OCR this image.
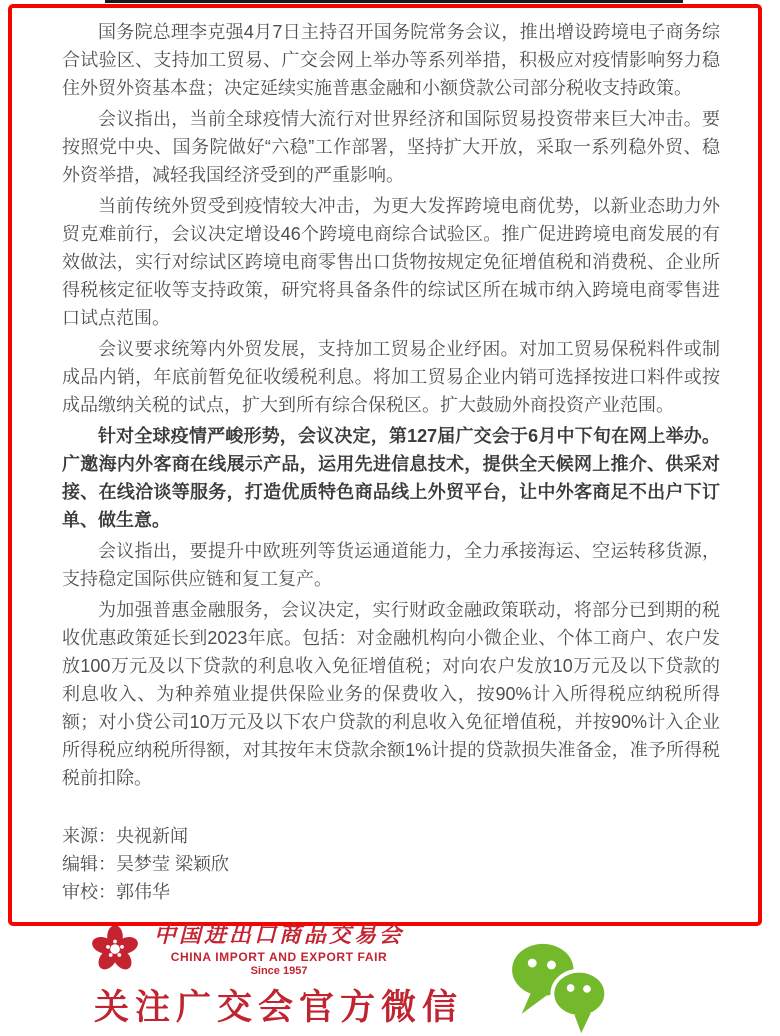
国务院总理李克强4月7日主持召开国务院常务会议，推出增设跨境电子商务综合试验区、支持加工贸易、广交会网上举办等系列举措，积极应对疫情影响努力稳住外贸外资基本盘；决定延续实施普惠金融和小额贷款公司部分税收支持政策。

会议指出，当前全球疫情大流行对世界经济和国际贸易投资带来巨大冲击。要按照党中央、国务院做好“六稳”工作部署，坚持扩大开放，采取一系列稳外贸、稳外资举措，减轻我国经济受到的严重影响。

当前传统外贸受到疫情较大冲击，为更大发挥跨境电商优势，以新业态助力外贸克难前行，会议决定增设46个跨境电商综合试验区。推广促进跨境电商发展的有效做法，实行对综试区跨境电商零售出口货物按规定免征增值税和消费税、企业所得税核定征收等支持政策，研究将具备条件的综试区所在城市纳入跨境电商零售进口试点范围。

会议要求统筹内外贸发展，支持加工贸易企业纾困。对加工贸易保税料件或制成品内销，年底前暂免征收缓税利息。将加工贸易企业内销可选择按进口料件或按成品缴纳关税的试点，扩大到所有综合保税区。扩大鼓励外商投资产业范围。

针对全球疫情严峻形势，会议决定，第127届广交会于6月中下旬在网上举办。广邀海内外客商在线展示产品，运用先进信息技术，提供全天候网上推介、供采对接、在线洽谈等服务，打造优质特色商品线上外贸平台，让中外客商足不出户下订单、做生意。

会议指出，要提升中欧班列等货运通道能力，全力承接海运、空运转移货源，支持稳定国际供应链和复工复产。

为加强普惠金融服务，会议决定，实行财政金融政策联动，将部分已到期的税收优惠政策延长到2023年底。包括：对金融机构向小微企业、个体工商户、农户发放100万元及以下贷款的利息收入免征增值税；对向农户发放10万元及以下贷款的利息收入、为种养殖业提供保险业务的保费收入，按90%计入所得税应纳税所得额；对小贷公司10万元及以下农户贷款的利息收入免征增值税，并按90%计入企业所得税应纳税所得额，对其按年末贷款余额1%计提的贷款损失准备金，准予所得税税前扣除。

来源：央视新闻
编辑：吴梦莹 梁颖欣
审校：郭伟华
中国进出口商品交易会
CHINA IMPORT AND EXPORT FAIR
Since 1957
关注广交会官方微信
